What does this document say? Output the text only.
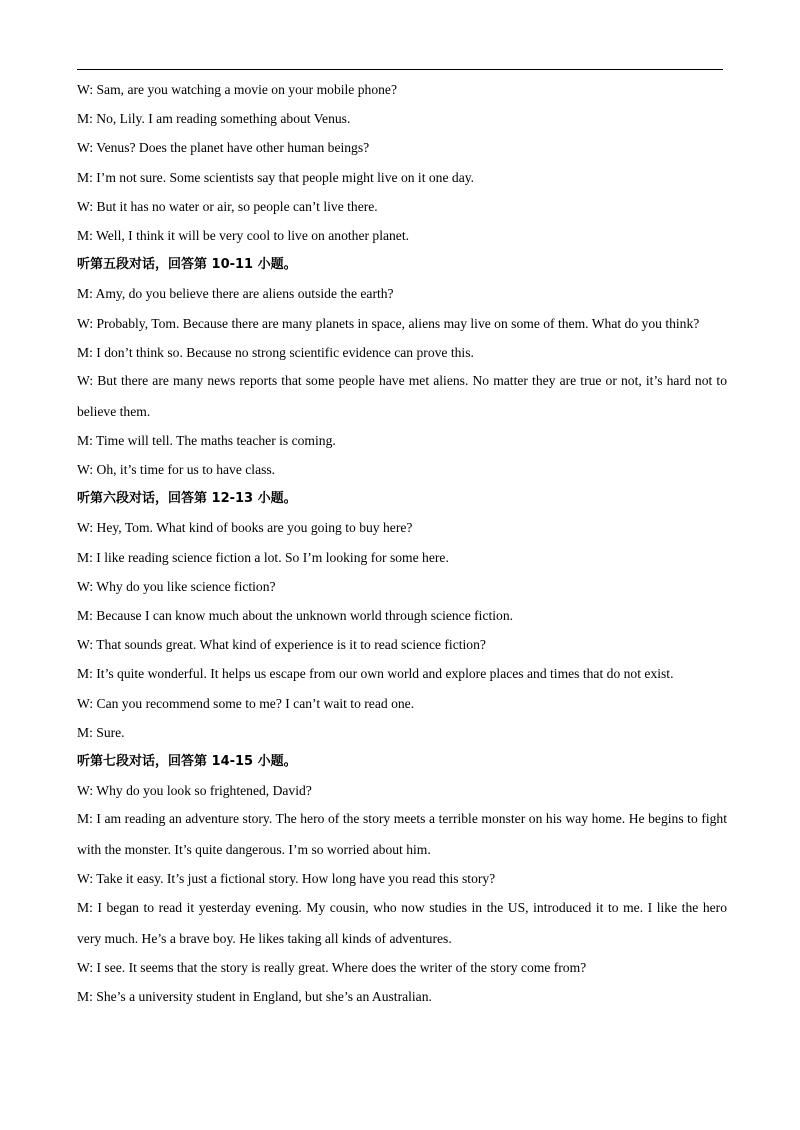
W: Sam, are you watching a movie on your mobile phone?
M: No, Lily. I am reading something about Venus.
W: Venus? Does the planet have other human beings?
M: I’m not sure. Some scientists say that people might live on it one day.
W: But it has no water or air, so people can’t live there.
M: Well, I think it will be very cool to live on another planet.
听第五段对话，回答第 10-11 小题。
M: Amy, do you believe there are aliens outside the earth?
W: Probably, Tom. Because there are many planets in space, aliens may live on some of them. What do you think?
M: I don’t think so. Because no strong scientific evidence can prove this.
W: But there are many news reports that some people have met aliens. No matter they are true or not, it’s hard not to believe them.
M: Time will tell. The maths teacher is coming.
W: Oh, it’s time for us to have class.
听第六段对话，回答第 12-13 小题。
W: Hey, Tom. What kind of books are you going to buy here?
M: I like reading science fiction a lot. So I’m looking for some here.
W: Why do you like science fiction?
M: Because I can know much about the unknown world through science fiction.
W: That sounds great. What kind of experience is it to read science fiction?
M: It’s quite wonderful. It helps us escape from our own world and explore places and times that do not exist.
W: Can you recommend some to me? I can’t wait to read one.
M: Sure.
听第七段对话，回答第 14-15 小题。
W: Why do you look so frightened, David?
M: I am reading an adventure story. The hero of the story meets a terrible monster on his way home. He begins to fight with the monster. It’s quite dangerous. I’m so worried about him.
W: Take it easy. It’s just a fictional story. How long have you read this story?
M: I began to read it yesterday evening. My cousin, who now studies in the US, introduced it to me. I like the hero very much. He’s a brave boy. He likes taking all kinds of adventures.
W: I see. It seems that the story is really great. Where does the writer of the story come from?
M: She’s a university student in England, but she’s an Australian.
